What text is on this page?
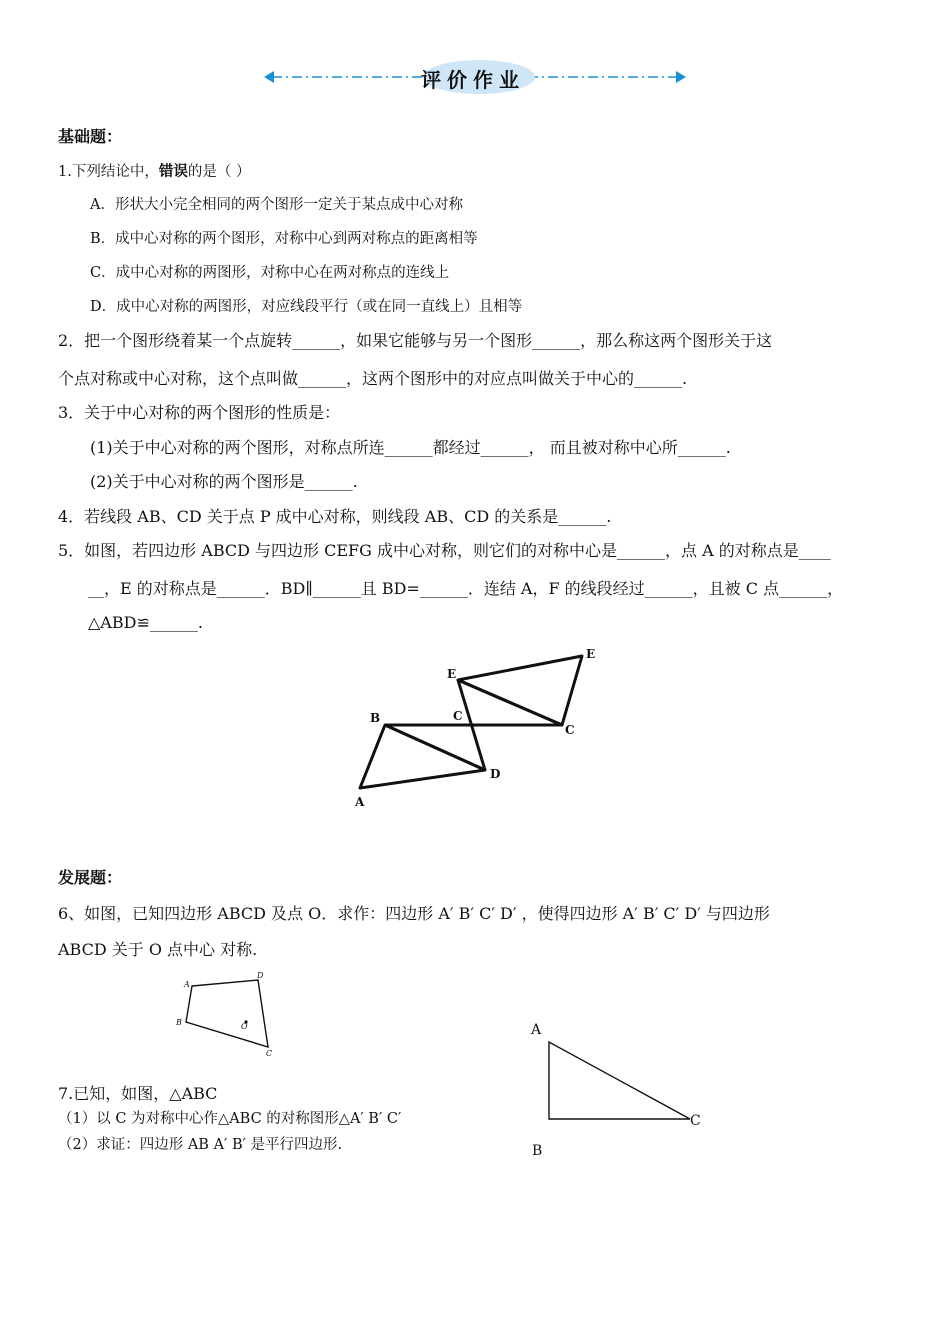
评价作业
基础题：
1.下列结论中，错误的是（ ）
A．形状大小完全相同的两个图形一定关于某点成中心对称
B．成中心对称的两个图形，对称中心到两对称点的距离相等
C．成中心对称的两图形，对称中心在两对称点的连线上
D．成中心对称的两图形，对应线段平行（或在同一直线上）且相等
2．把一个图形绕着某一个点旋转______，如果它能够与另一个图形______，那么称这两个图形关于这
个点对称或中心对称，这个点叫做______，这两个图形中的对应点叫做关于中心的______.
3．关于中心对称的两个图形的性质是：
(1)关于中心对称的两个图形，对称点所连______都经过______， 而且被对称中心所______.
(2)关于中心对称的两个图形是______.
4．若线段 AB、CD 关于点 P 成中心对称，则线段 AB、CD 的关系是______.
5．如图，若四边形 ABCD 与四边形 CEFG 成中心对称，则它们的对称中心是______，点 A 的对称点是____
__，E 的对称点是______．BD∥______且 BD=______．连结 A，F 的线段经过______，且被 C 点______，
△ABD≌______.
B	C
C
D
E
E
A
发展题：
6、如图，已知四边形 ABCD 及点 O．求作：四边形 A′ B′ C′ D′ ，使得四边形 A′ B′ C′ D′ 与四边形
ABCD 关于 O 点中心 对称.
A
D
B	O
C
A
C
B
7.已知，如图，△ABC
（1）以 C 为对称中心作△ABC 的对称图形△A′ B′ C′
（2）求证：四边形 AB A′ B′ 是平行四边形.
